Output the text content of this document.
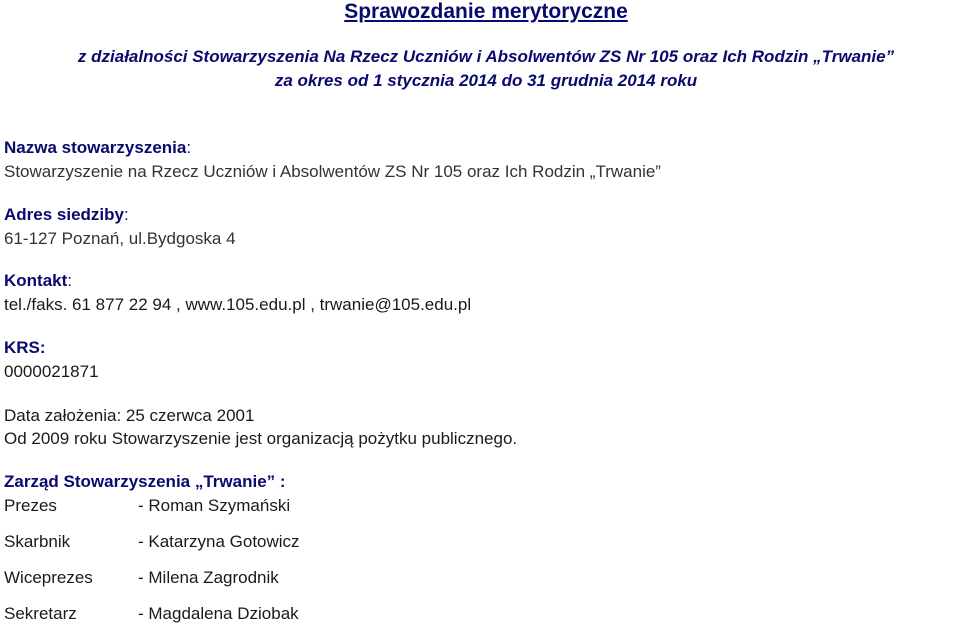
Sprawozdanie merytoryczne
z działalności Stowarzyszenia Na Rzecz Uczniów i Absolwentów ZS Nr 105 oraz Ich Rodzin „Trwanie”
za okres od 1 stycznia 2014 do 31 grudnia 2014 roku
Nazwa stowarzyszenia:
Stowarzyszenie na Rzecz Uczniów i Absolwentów ZS Nr 105 oraz Ich Rodzin „Trwanie”
Adres siedziby:
61-127 Poznań, ul.Bydgoska 4
Kontakt:
tel./faks. 61 877 22 94 , www.105.edu.pl , trwanie@105.edu.pl
KRS:
0000021871
Data założenia: 25 czerwca 2001
Od 2009 roku Stowarzyszenie jest organizacją pożytku publicznego.
Zarząd Stowarzyszenia „Trwanie” :
Prezes	- Roman Szymański
Skarbnik	- Katarzyna Gotowicz
Wiceprezes	- Milena Zagrodnik
Sekretarz	- Magdalena Dziobak
